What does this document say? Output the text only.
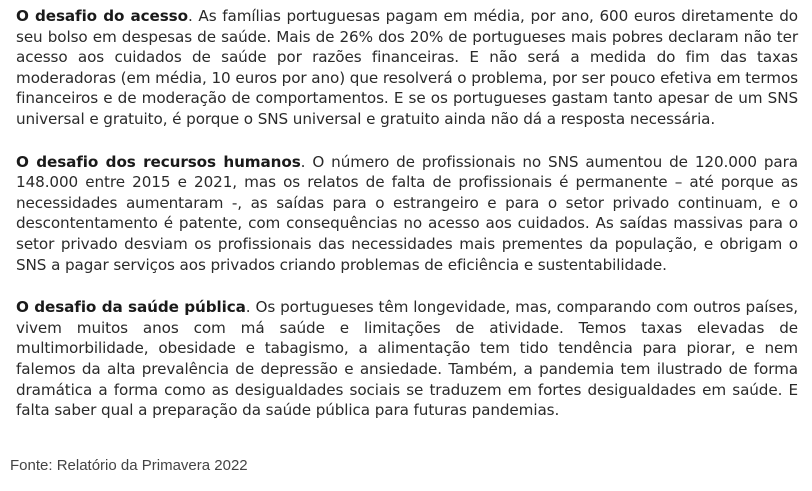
O desafio do acesso. As famílias portuguesas pagam em média, por ano, 600 euros diretamente do seu bolso em despesas de saúde. Mais de 26% dos 20% de portugueses mais pobres declaram não ter acesso aos cuidados de saúde por razões financeiras. E não será a medida do fim das taxas moderadoras (em média, 10 euros por ano) que resolverá o problema, por ser pouco efetiva em termos financeiros e de moderação de comportamentos. E se os portugueses gastam tanto apesar de um SNS universal e gratuito, é porque o SNS universal e gratuito ainda não dá a resposta necessária.

O desafio dos recursos humanos. O número de profissionais no SNS aumentou de 120.000 para 148.000 entre 2015 e 2021, mas os relatos de falta de profissionais é permanente – até porque as necessidades aumentaram -, as saídas para o estrangeiro e para o setor privado continuam, e o descontentamento é patente, com consequências no acesso aos cuidados. As saídas massivas para o setor privado desviam os profissionais das necessidades mais prementes da população, e obrigam o SNS a pagar serviços aos privados criando problemas de eficiência e sustentabilidade.

O desafio da saúde pública. Os portugueses têm longevidade, mas, comparando com outros países, vivem muitos anos com má saúde e limitações de atividade. Temos taxas elevadas de multimorbilidade, obesidade e tabagismo, a alimentação tem tido tendência para piorar, e nem falemos da alta prevalência de depressão e ansiedade. Também, a pandemia tem ilustrado de forma dramática a forma como as desigualdades sociais se traduzem em fortes desigualdades em saúde. E falta saber qual a preparação da saúde pública para futuras pandemias.

Fonte: Relatório da Primavera 2022
